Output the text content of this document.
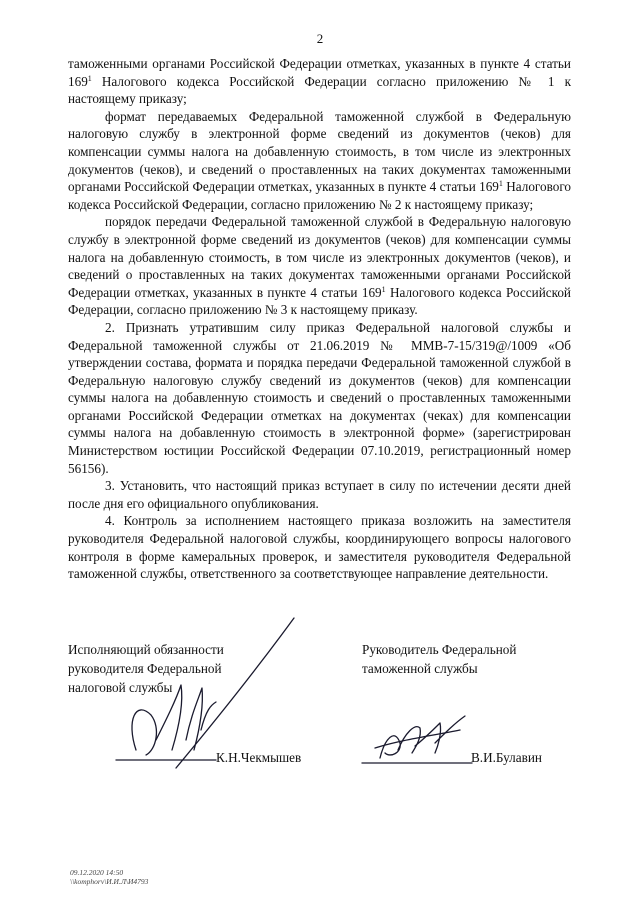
2

таможенными органами Российской Федерации отметках, указанных в пункте 4 статьи $169^1$ Налогового кодекса Российской Федерации согласно приложению № 1 к настоящему приказу;

формат передаваемых Федеральной таможенной службой в Федеральную налоговую службу в электронной форме сведений из документов (чеков) для компенсации суммы налога на добавленную стоимость, в том числе из электронных документов (чеков), и сведений о проставленных на таких документах таможенными органами Российской Федерации отметках, указанных в пункте 4 статьи $169^1$ Налогового кодекса Российской Федерации, согласно приложению № 2 к настоящему приказу;

порядок передачи Федеральной таможенной службой в Федеральную налоговую службу в электронной форме сведений из документов (чеков) для компенсации суммы налога на добавленную стоимость, в том числе из электронных документов (чеков), и сведений о проставленных на таких документах таможенными органами Российской Федерации отметках, указанных в пункте 4 статьи $169^1$ Налогового кодекса Российской Федерации, согласно приложению № 3 к настоящему приказу.

2. Признать утратившим силу приказ Федеральной налоговой службы и Федеральной таможенной службы от 21.06.2019 № ММВ-7-15/319@/1009 «Об утверждении состава, формата и порядка передачи Федеральной таможенной службой в Федеральную налоговую службу сведений из документов (чеков) для компенсации суммы налога на добавленную стоимость и сведений о проставленных таможенными органами Российской Федерации отметках на документах (чеках) для компенсации суммы налога на добавленную стоимость в электронной форме» (зарегистрирован Министерством юстиции Российской Федерации 07.10.2019, регистрационный номер 56156).

3. Установить, что настоящий приказ вступает в силу по истечении десяти дней после дня его официального опубликования.

4. Контроль за исполнением настоящего приказа возложить на заместителя руководителя Федеральной налоговой службы, координирующего вопросы налогового контроля в форме камеральных проверок, и заместителя руководителя Федеральной таможенной службы, ответственного за соответствующее направление деятельности.

Исполняющий обязанности
руководителя Федеральной
налоговой службы
Руководитель Федеральной
таможенной службы
К.Н.Чекмышев	В.И.Булавин
09.12.2020 14:50
\\komphorv\И.И.Л\И4793
